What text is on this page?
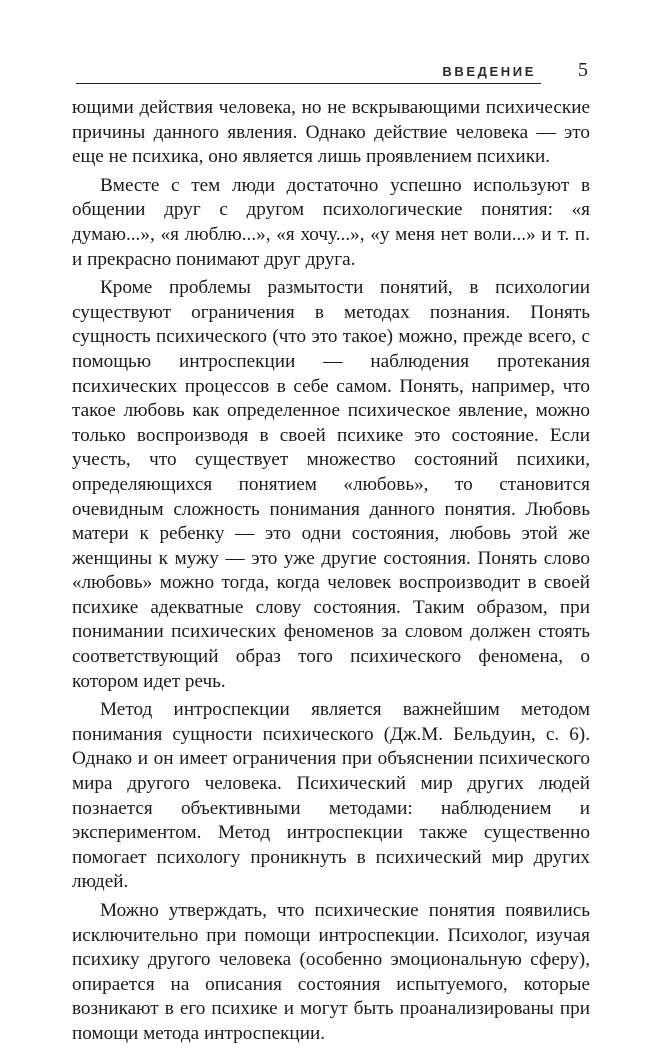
ВВЕДЕНИЕ 5

ющими действия человека, но не вскрывающими психические причины данного явления. Однако действие человека — это еще не психика, оно является лишь проявлением психики.

Вместе с тем люди достаточно успешно используют в общении друг с другом психологические понятия: «я думаю...», «я люблю...», «я хочу...», «у меня нет воли...» и т. п. и прекрасно понимают друг друга.

Кроме проблемы размытости понятий, в психологии существуют ограничения в методах познания. Понять сущность психического (что это такое) можно, прежде всего, с помощью интроспекции — наблюдения протекания психических процессов в себе самом. Понять, например, что такое любовь как определенное психическое явление, можно только воспроизводя в своей психике это состояние. Если учесть, что существует множество состояний психики, определяющихся понятием «любовь», то становится очевидным сложность понимания данного понятия. Любовь матери к ребенку — это одни состояния, любовь этой же женщины к мужу — это уже другие состояния. Понять слово «любовь» можно тогда, когда человек воспроизводит в своей психике адекватные слову состояния. Таким образом, при понимании психических феноменов за словом должен стоять соответствующий образ того психического феномена, о котором идет речь.

Метод интроспекции является важнейшим методом понимания сущности психического (Дж.М. Бельдуин, с. 6). Однако и он имеет ограничения при объяснении психического мира другого человека. Психический мир других людей познается объективными методами: наблюдением и экспериментом. Метод интроспекции также существенно помогает психологу проникнуть в психический мир других людей.

Можно утверждать, что психические понятия появились исключительно при помощи интроспекции. Психолог, изучая психику другого человека (особенно эмоциональную сферу), опирается на описания состояния испытуемого, которые возникают в его психике и могут быть проанализированы при помощи метода интроспекции.
